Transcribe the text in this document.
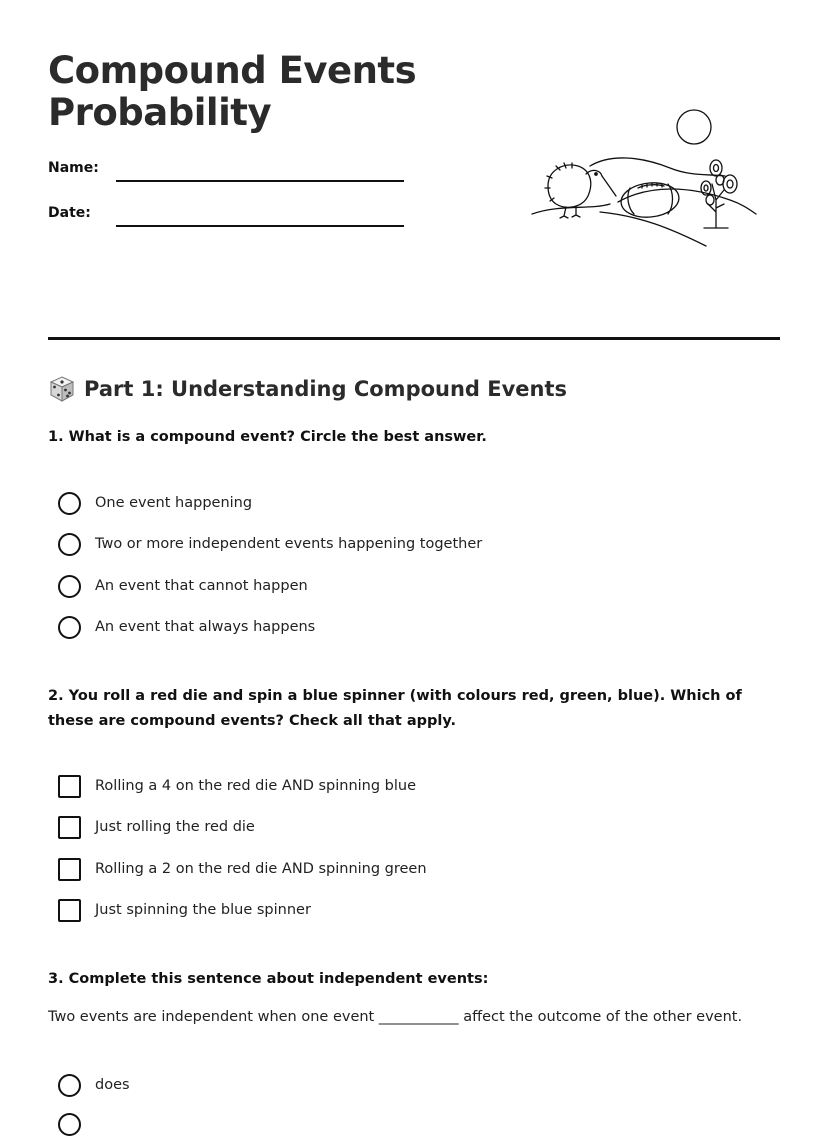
Compound Events
Probability
Name:
Date:
Part 1: Understanding Compound Events

1. What is a compound event? Circle the best answer.

One event happening
Two or more independent events happening together
An event that cannot happen
An event that always happens

2. You roll a red die and spin a blue spinner (with colours red, green, blue). Which of these are compound events? Check all that apply.

Rolling a 4 on the red die AND spinning blue
Just rolling the red die
Rolling a 2 on the red die AND spinning green
Just spinning the blue spinner

3. Complete this sentence about independent events:

Two events are independent when one event ___________ affect the outcome of the other event.

does
